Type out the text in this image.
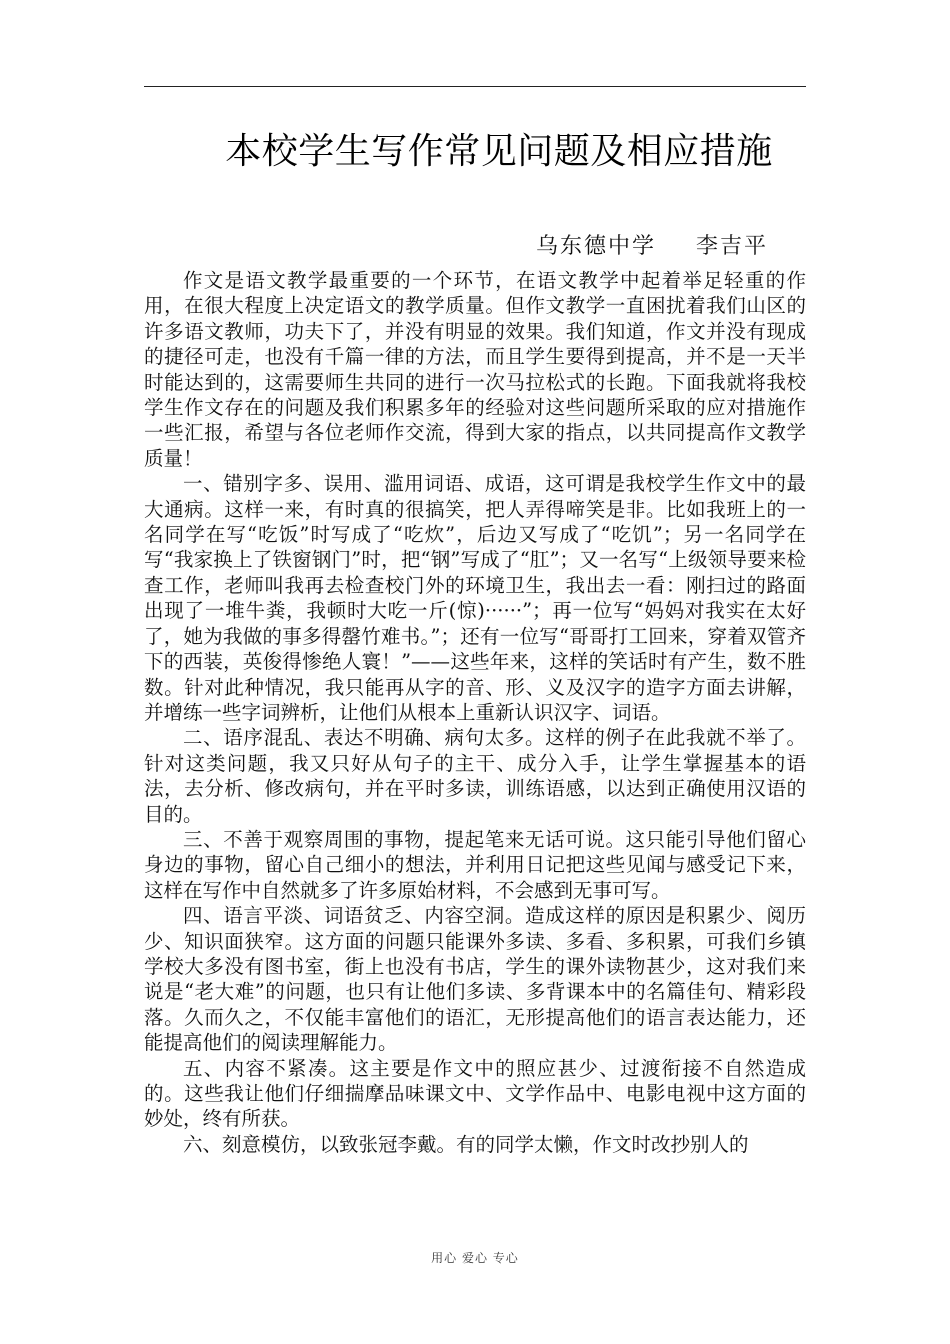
本校学生写作常见问题及相应措施
乌东德中学 李吉平

作文是语文教学最重要的一个环节，在语文教学中起着举足轻重的作用，在很大程度上决定语文的教学质量。但作文教学一直困扰着我们山区的许多语文教师，功夫下了，并没有明显的效果。我们知道，作文并没有现成的捷径可走，也没有千篇一律的方法，而且学生要得到提高，并不是一天半时能达到的，这需要师生共同的进行一次马拉松式的长跑。下面我就将我校学生作文存在的问题及我们积累多年的经验对这些问题所采取的应对措施作一些汇报，希望与各位老师作交流，得到大家的指点，以共同提高作文教学质量！

一、错别字多、误用、滥用词语、成语，这可谓是我校学生作文中的最大通病。这样一来，有时真的很搞笑，把人弄得啼笑是非。比如我班上的一名同学在写“吃饭”时写成了“吃炊”，后边又写成了“吃饥”；另一名同学在写“我家换上了铁窗钢门”时，把“钢”写成了“肛”；又一名写“上级领导要来检查工作，老师叫我再去检查校门外的环境卫生，我出去一看：刚扫过的路面出现了一堆牛粪，我顿时大吃一斤(惊)······”；再一位写“妈妈对我实在太好了，她为我做的事多得罄竹难书。”；还有一位写“哥哥打工回来，穿着双管齐下的西装，英俊得惨绝人寰！”——这些年来，这样的笑话时有产生，数不胜数。针对此种情况，我只能再从字的音、形、义及汉字的造字方面去讲解，并增练一些字词辨析，让他们从根本上重新认识汉字、词语。

二、语序混乱、表达不明确、病句太多。这样的例子在此我就不举了。针对这类问题，我又只好从句子的主干、成分入手，让学生掌握基本的语法，去分析、修改病句，并在平时多读，训练语感，以达到正确使用汉语的目的。

三、不善于观察周围的事物，提起笔来无话可说。这只能引导他们留心身边的事物，留心自己细小的想法，并利用日记把这些见闻与感受记下来，这样在写作中自然就多了许多原始材料，不会感到无事可写。

四、语言平淡、词语贫乏、内容空洞。造成这样的原因是积累少、阅历少、知识面狭窄。这方面的问题只能课外多读、多看、多积累，可我们乡镇学校大多没有图书室，街上也没有书店，学生的课外读物甚少，这对我们来说是“老大难”的问题，也只有让他们多读、多背课本中的名篇佳句、精彩段落。久而久之，不仅能丰富他们的语汇，无形提高他们的语言表达能力，还能提高他们的阅读理解能力。

五、内容不紧凑。这主要是作文中的照应甚少、过渡衔接不自然造成的。这些我让他们仔细揣摩品味课文中、文学作品中、电影电视中这方面的妙处，终有所获。

六、刻意模仿，以致张冠李戴。有的同学太懒，作文时改抄别人的

用心 爱心 专心
